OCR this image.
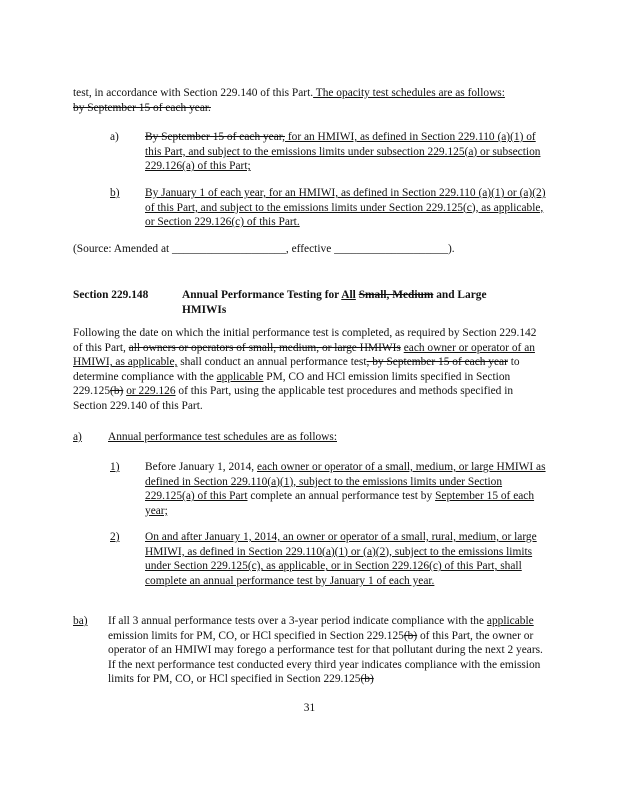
test, in accordance with Section 229.140 of this Part. The opacity test schedules are as follows:
by September 15 of each year.
a) By September 15 of each year, for an HMIWI, as defined in Section 229.110 (a)(1) of this Part, and subject to the emissions limits under subsection 229.125(a) or subsection 229.126(a) of this Part;
b) By January 1 of each year, for an HMIWI, as defined in Section 229.110 (a)(1) or (a)(2) of this Part, and subject to the emissions limits under Section 229.125(c), as applicable, or Section 229.126(c) of this Part.
(Source: Amended at ____________________, effective ____________________).
Section 229.148	Annual Performance Testing for All Small, Medium and Large
HMIWIs
Following the date on which the initial performance test is completed, as required by Section 229.142 of this Part, all owners or operators of small, medium, or large HMIWIs each owner or operator of an HMIWI, as applicable, shall conduct an annual performance test, by September 15 of each year to determine compliance with the applicable PM, CO and HCl emission limits specified in Section 229.125(b) or 229.126 of this Part, using the applicable test procedures and methods specified in Section 229.140 of this Part.
a) Annual performance test schedules are as follows:
1) Before January 1, 2014, each owner or operator of a small, medium, or large HMIWI as defined in Section 229.110(a)(1), subject to the emissions limits under Section 229.125(a) of this Part complete an annual performance test by September 15 of each year;
2) On and after January 1, 2014, an owner or operator of a small, rural, medium, or large HMIWI, as defined in Section 229.110(a)(1) or (a)(2), subject to the emissions limits under Section 229.125(c), as applicable, or in Section 229.126(c) of this Part, shall complete an annual performance test by January 1 of each year.
ba) If all 3 annual performance tests over a 3-year period indicate compliance with the applicable emission limits for PM, CO, or HCl specified in Section 229.125(b) of this Part, the owner or operator of an HMIWI may forego a performance test for that pollutant during the next 2 years. If the next performance test conducted every third year indicates compliance with the emission limits for PM, CO, or HCl specified in Section 229.125(b)
31
